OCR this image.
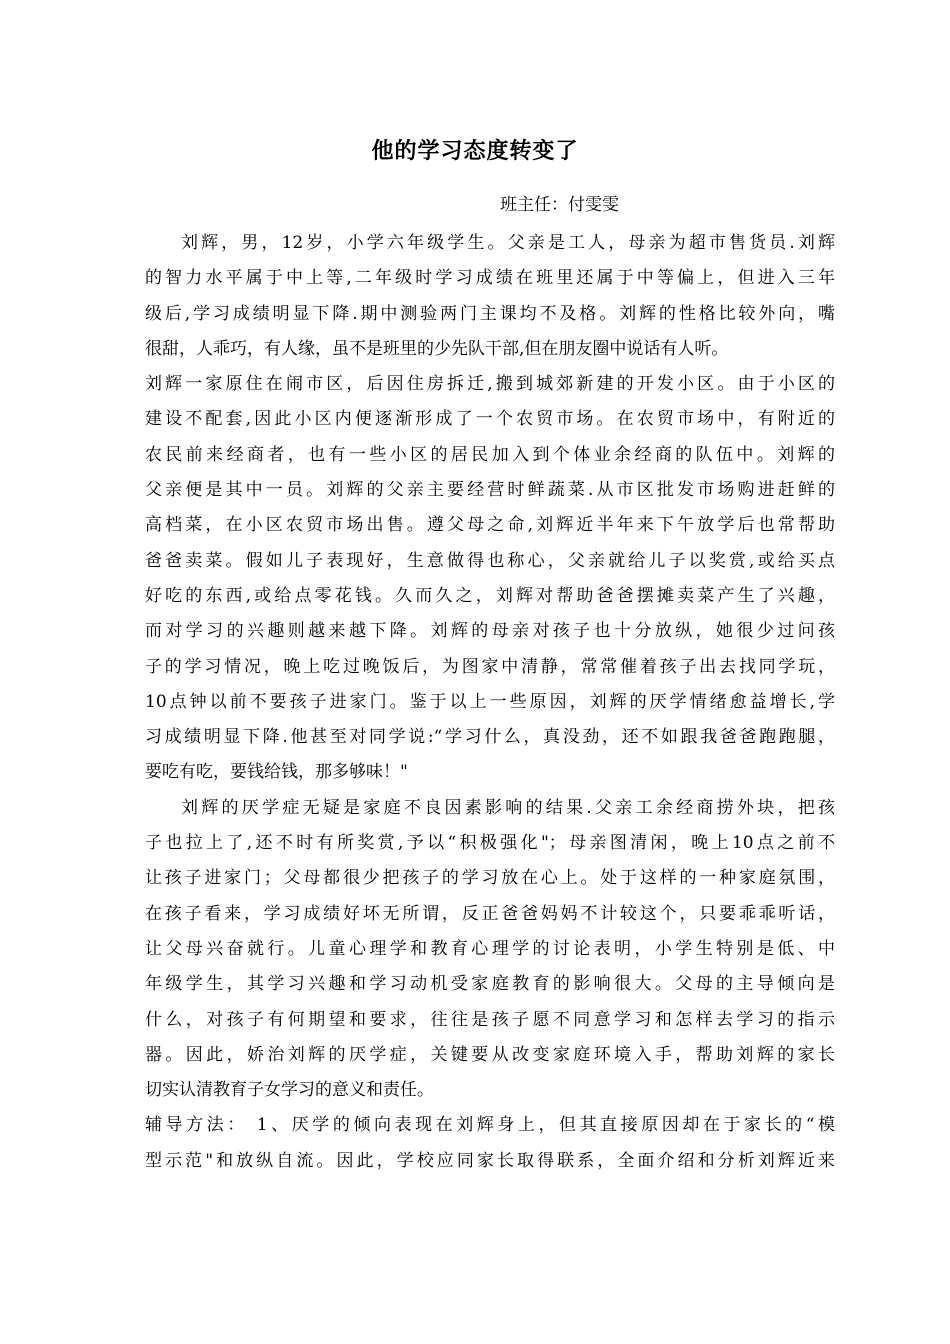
他的学习态度转变了
班主任：付雯雯
刘辉，男，12岁，小学六年级学生。父亲是工人，母亲为超市售货员.刘辉
的智力水平属于中上等,二年级时学习成绩在班里还属于中等偏上，但进入三年
级后,学习成绩明显下降.期中测验两门主课均不及格。刘辉的性格比较外向，嘴
很甜，人乖巧，有人缘，虽不是班里的少先队干部,但在朋友圈中说话有人听。
刘辉一家原住在闹市区，后因住房拆迁,搬到城郊新建的开发小区。由于小区的
建设不配套,因此小区内便逐渐形成了一个农贸市场。在农贸市场中，有附近的
农民前来经商者，也有一些小区的居民加入到个体业余经商的队伍中。刘辉的
父亲便是其中一员。刘辉的父亲主要经营时鲜蔬菜.从市区批发市场购进赶鲜的
高档菜，在小区农贸市场出售。遵父母之命,刘辉近半年来下午放学后也常帮助
爸爸卖菜。假如儿子表现好，生意做得也称心，父亲就给儿子以奖赏,或给买点
好吃的东西,或给点零花钱。久而久之，刘辉对帮助爸爸摆摊卖菜产生了兴趣，
而对学习的兴趣则越来越下降。刘辉的母亲对孩子也十分放纵，她很少过问孩
子的学习情况，晚上吃过晚饭后，为图家中清静，常常催着孩子出去找同学玩，
10点钟以前不要孩子进家门。鉴于以上一些原因，刘辉的厌学情绪愈益增长,学
习成绩明显下降.他甚至对同学说:“学习什么，真没劲，还不如跟我爸爸跑跑腿，
要吃有吃，要钱给钱，那多够味！"
刘辉的厌学症无疑是家庭不良因素影响的结果.父亲工余经商捞外块，把孩
子也拉上了,还不时有所奖赏,予以“积极强化"；母亲图清闲，晚上10点之前不
让孩子进家门；父母都很少把孩子的学习放在心上。处于这样的一种家庭氛围，
在孩子看来，学习成绩好坏无所谓，反正爸爸妈妈不计较这个，只要乖乖听话，
让父母兴奋就行。儿童心理学和教育心理学的讨论表明，小学生特别是低、中
年级学生，其学习兴趣和学习动机受家庭教育的影响很大。父母的主导倾向是
什么，对孩子有何期望和要求，往往是孩子愿不同意学习和怎样去学习的指示
器。因此，娇治刘辉的厌学症，关键要从改变家庭环境入手，帮助刘辉的家长
切实认清教育子女学习的意义和责任。
辅导方法： 1、厌学的倾向表现在刘辉身上，但其直接原因却在于家长的“模
型示范"和放纵自流。因此，学校应同家长取得联系，全面介绍和分析刘辉近来
